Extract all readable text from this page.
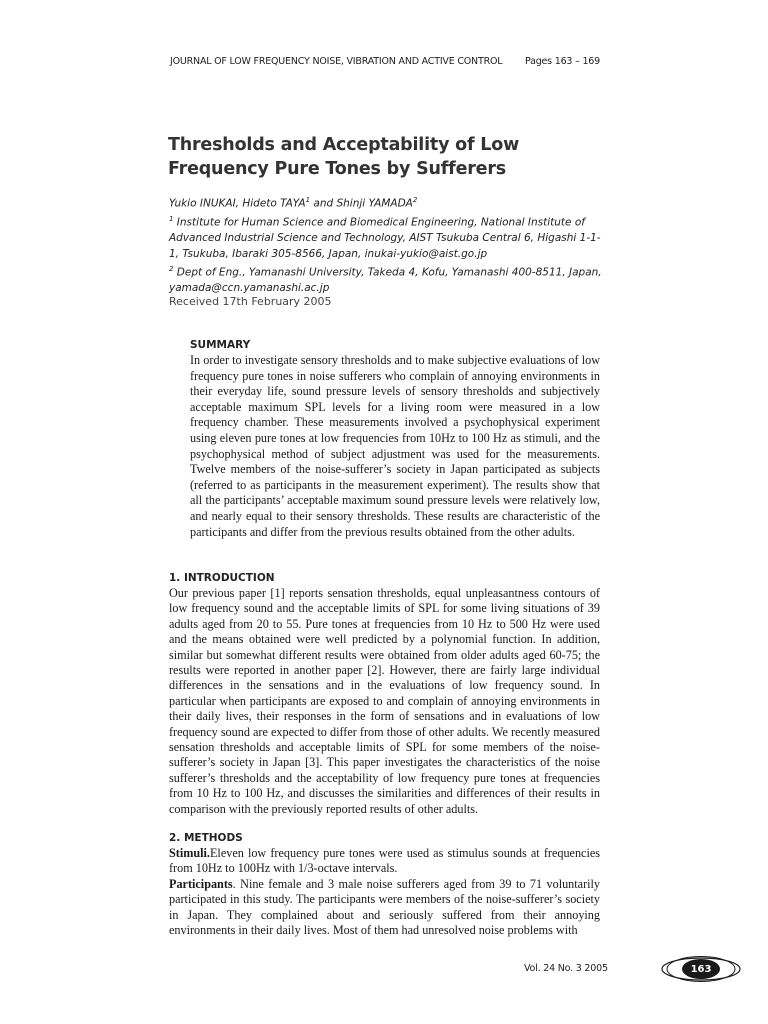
JOURNAL OF LOW FREQUENCY NOISE, VIBRATION AND ACTIVE CONTROL Pages 163 – 169
Thresholds and Acceptability of Low Frequency Pure Tones by Sufferers

Yukio INUKAI, Hideto TAYA$^1$ and Shinji YAMADA$^2$

$^1$ Institute for Human Science and Biomedical Engineering, National Institute of Advanced Industrial Science and Technology, AIST Tsukuba Central 6, Higashi 1-1-1, Tsukuba, Ibaraki 305-8566, Japan, inukai-yukio@aist.go.jp

$^2$ Dept of Eng., Yamanashi University, Takeda 4, Kofu, Yamanashi 400-8511, Japan, yamada@ccn.yamanashi.ac.jp

Received 17th February 2005
SUMMARY

In order to investigate sensory thresholds and to make subjective evaluations of low frequency pure tones in noise sufferers who complain of annoying environments in their everyday life, sound pressure levels of sensory thresholds and subjectively acceptable maximum SPL levels for a living room were measured in a low frequency chamber. These measurements involved a psychophysical experiment using eleven pure tones at low frequencies from 10Hz to 100 Hz as stimuli, and the psychophysical method of subject adjustment was used for the measurements. Twelve members of the noise-sufferer’s society in Japan participated as subjects (referred to as participants in the measurement experiment). The results show that all the participants’ acceptable maximum sound pressure levels were relatively low, and nearly equal to their sensory thresholds. These results are characteristic of the participants and differ from the previous results obtained from the other adults.

1. INTRODUCTION

Our previous paper [1] reports sensation thresholds, equal unpleasantness contours of low frequency sound and the acceptable limits of SPL for some living situations of 39 adults aged from 20 to 55. Pure tones at frequencies from 10 Hz to 500 Hz were used and the means obtained were well predicted by a polynomial function. In addition, similar but somewhat different results were obtained from older adults aged 60-75; the results were reported in another paper [2]. However, there are fairly large individual differences in the sensations and in the evaluations of low frequency sound. In particular when participants are exposed to and complain of annoying environments in their daily lives, their responses in the form of sensations and in evaluations of low frequency sound are expected to differ from those of other adults. We recently measured sensation thresholds and acceptable limits of SPL for some members of the noise-sufferer’s society in Japan [3]. This paper investigates the characteristics of the noise sufferer’s thresholds and the acceptability of low frequency pure tones at frequencies from 10 Hz to 100 Hz, and discusses the similarities and differences of their results in comparison with the previously reported results of other adults.

2. METHODS

Stimuli.Eleven low frequency pure tones were used as stimulus sounds at frequencies from 10Hz to 100Hz with 1/3-octave intervals.

Participants. Nine female and 3 male noise sufferers aged from 39 to 71 voluntarily participated in this study. The participants were members of the noise-sufferer’s society in Japan. They complained about and seriously suffered from their annoying environments in their daily lives. Most of them had unresolved noise problems with

Vol. 24 No. 3 2005	163
